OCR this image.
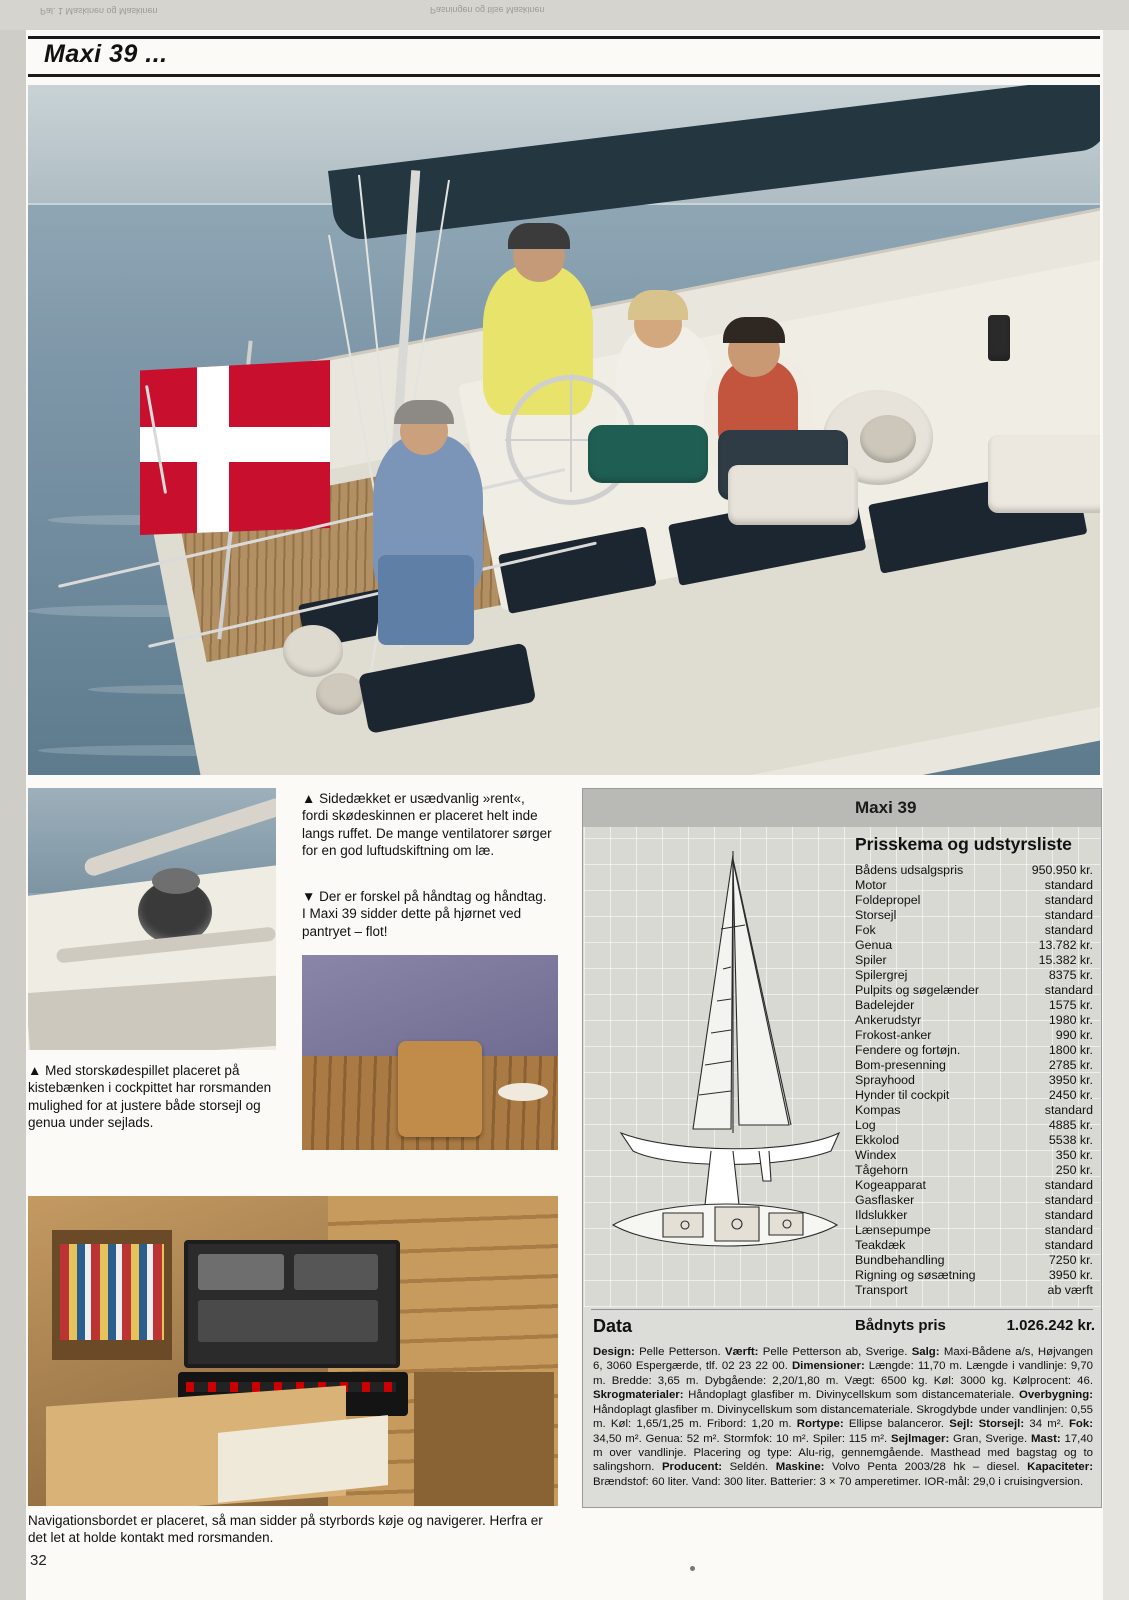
Pal. 1 Maskinen og Maskinen	Pasningen og tilse Maskinen
Maxi 39 ...
▲ Sidedækket er usædvanlig »rent«, fordi skødeskinnen er placeret helt inde langs ruffet. De mange ventilatorer sørger for en god luftudskiftning om læ.
▼ Der er forskel på håndtag og håndtag. I Maxi 39 sidder dette på hjørnet ved pantryet – flot!
▲ Med storskødespillet placeret på kistebænken i cockpittet har rorsmanden mulighed for at justere både storsejl og genua under sejlads.
Navigationsbordet er placeret, så man sidder på styrbords køje og navigerer. Herfra er det let at holde kontakt med rorsmanden.
Maxi 39
Prisskema og udstyrsliste
Bådens udsalgspris	950.950 kr.
Motor	standard
Foldepropel	standard
Storsejl	standard
Fok	standard
Genua	13.782 kr.
Spiler	15.382 kr.
Spilergrej	8375 kr.
Pulpits og søgelænder	standard
Badelejder	1575 kr.
Ankerudstyr	1980 kr.
Frokost-anker	990 kr.
Fendere og fortøjn.	1800 kr.
Bom-presenning	2785 kr.
Sprayhood	3950 kr.
Hynder til cockpit	2450 kr.
Kompas	standard
Log	4885 kr.
Ekkolod	5538 kr.
Windex	350 kr.
Tågehorn	250 kr.
Kogeapparat	standard
Gasflasker	standard
Ildslukker	standard
Lænsepumpe	standard
Teakdæk	standard
Bundbehandling	7250 kr.
Rigning og søsætning	3950 kr.
Transport	ab værft
Data	Bådnyts pris	1.026.242 kr.
Design: Pelle Petterson. Værft: Pelle Petterson ab, Sverige. Salg: Maxi-Bådene a/s, Højvangen 6, 3060 Espergærde, tlf. 02 23 22 00. Dimensioner: Længde: 11,70 m. Længde i vandlinje: 9,70 m. Bredde: 3,65 m. Dybgående: 2,20/1,80 m. Vægt: 6500 kg. Køl: 3000 kg. Kølprocent: 46. Skrogmaterialer: Håndoplagt glasfiber m. Divinycellskum som distancemateriale. Overbygning: Håndoplagt glasfiber m. Divinycellskum som distancemateriale. Skrogdybde under vandlinjen: 0,55 m. Køl: 1,65/1,25 m. Fribord: 1,20 m. Rortype: Ellipse balanceror. Sejl: Storsejl: 34 m². Fok: 34,50 m². Genua: 52 m². Stormfok: 10 m². Spiler: 115 m². Sejlmager: Gran, Sverige. Mast: 17,40 m over vandlinje. Placering og type: Alu-rig, gennemgående. Masthead med bagstag og to salingshorn. Producent: Seldén. Maskine: Volvo Penta 2003/28 hk – diesel. Kapaciteter: Brændstof: 60 liter. Vand: 300 liter. Batterier: 3 × 70 amperetimer. IOR-mål: 29,0 i cruisingversion.
32
